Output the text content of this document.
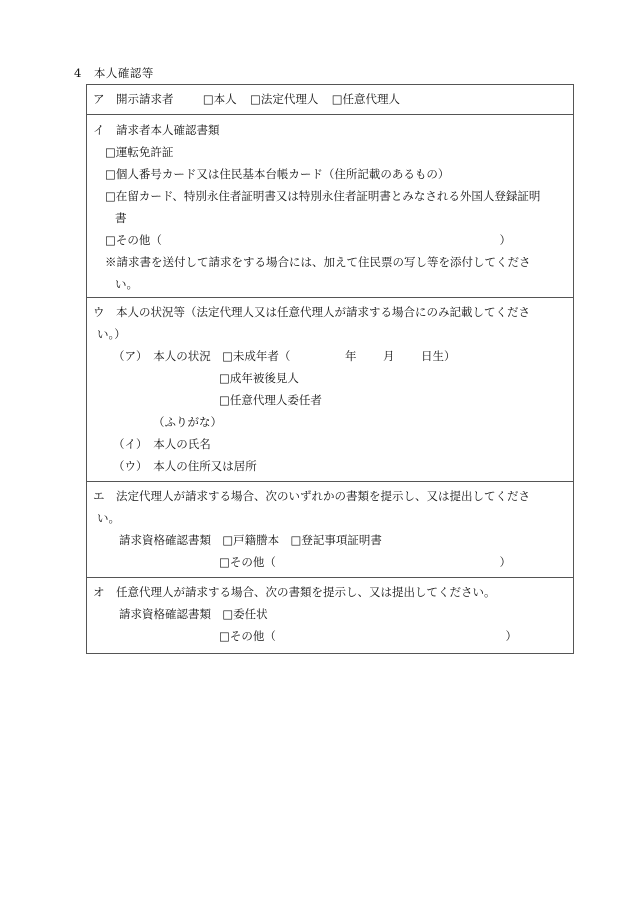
4　本人確認等
ア　開示請求者	□本人 □法定代理人 □任意代理人
イ　請求者本人確認書類
□運転免許証
□個人番号カード又は住民基本台帳カード（住所記載のあるもの）
□在留カード、特別永住者証明書又は特別永住者証明書とみなされる外国人登録証明
書
□その他（	）
※請求書を送付して請求をする場合には、加えて住民票の写し等を添付してくださ
い。
ウ　本人の状況等（法定代理人又は任意代理人が請求する場合にのみ記載してくださ
い。）
（ア）　本人の状況 □未成年者（	年 月 日生）
□成年被後見人
□任意代理人委任者
（ふりがな）
（イ）　本人の氏名
（ウ）　本人の住所又は居所
エ　法定代理人が請求する場合、次のいずれかの書類を提示し、又は提出してくださ
い。
請求資格確認書類 □戸籍謄本 □登記事項証明書
□その他（	）
オ　任意代理人が請求する場合、次の書類を提示し、又は提出してください。
請求資格確認書類 □委任状
□その他（	）
